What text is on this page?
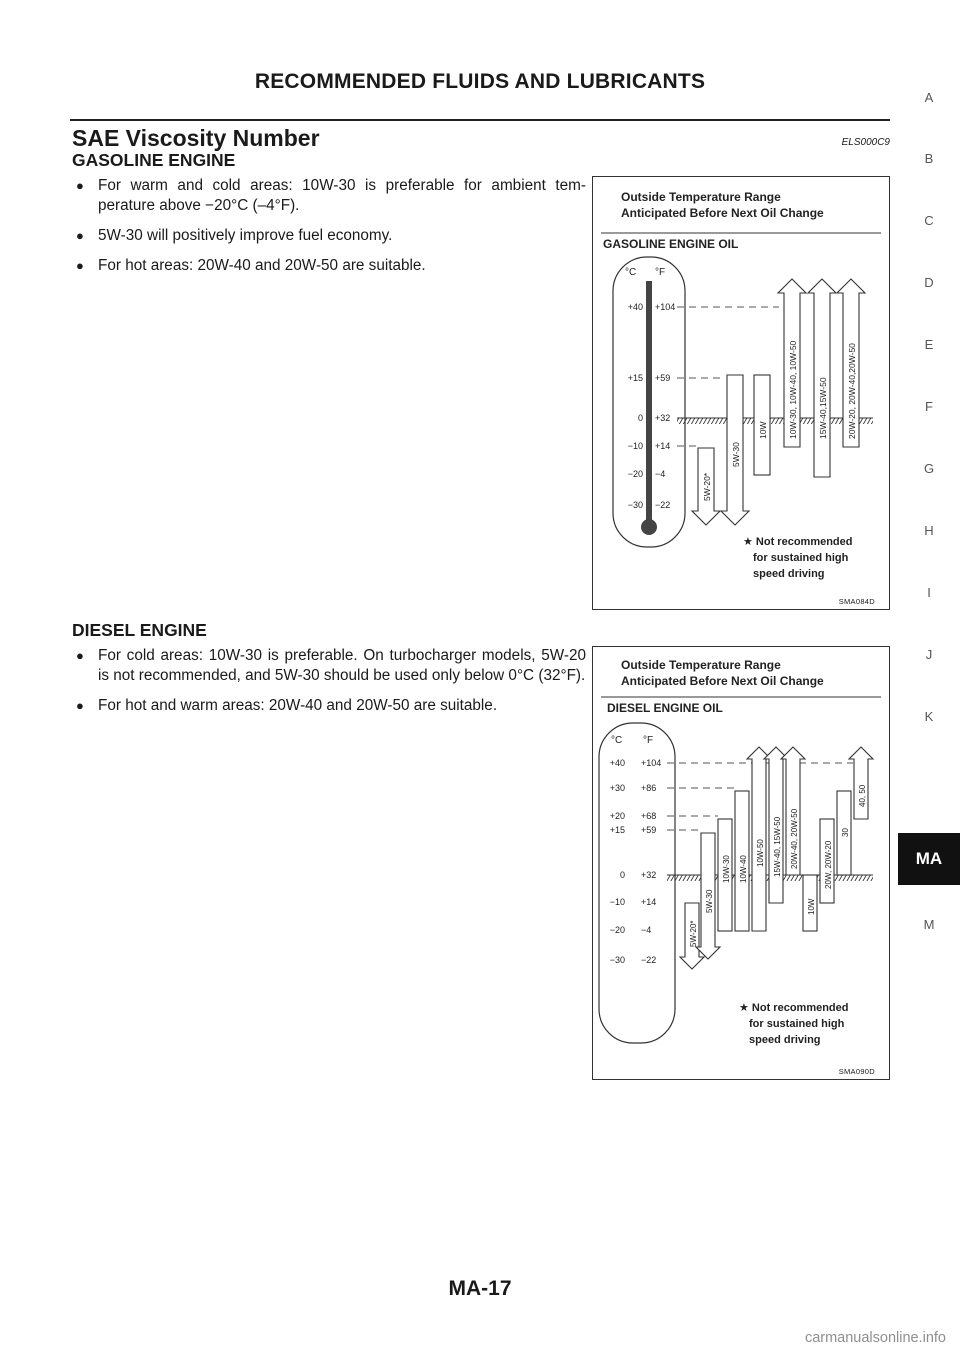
RECOMMENDED FLUIDS AND LUBRICANTS
SAE Viscosity Number	ELS000C9
GASOLINE ENGINE
● For warm and cold areas: 10W-30 is preferable for ambient tem-perature above −20°C (–4°F).
● 5W-30 will positively improve fuel economy.
● For hot areas: 20W-40 and 20W-50 are suitable.
Outside Temperature Range
Anticipated Before Next Oil Change
GASOLINE ENGINE OIL
°C °F
+40
+15
0
−10
−20
−30
+104
+59
+32
+14
−4
−22
5W-20*
5W-30
10W 10W-30, 10W-40, 10W-50 15W-40,15W-50 20W-20, 20W-40,20W-50
★ Not recommended
for sustained high
speed driving
SMA084D
DIESEL ENGINE
● For cold areas: 10W-30 is preferable. On turbocharger models, 5W-20 is not recommended, and 5W-30 should be used only below 0°C (32°F).
● For hot and warm areas: 20W-40 and 20W-50 are suitable.
Outside Temperature Range
Anticipated Before Next Oil Change
DIESEL ENGINE OIL
°C °F
+40
+30
+20
+15
0
−10
−20
−30
+104
+86
+68
+59
+32
+14
−4
−22
5W-20*
5W-30
10W-30 10W-40
10W-50 15W-40, 15W-50 20W-40, 20W-50
10W
20W, 20W-20
30
40, 50
★ Not recommended
for sustained high
speed driving
SMA090D
A
B
C
D
E
F
G
H
I
J
K
MA
M
MA-17
carmanualsonline.info
